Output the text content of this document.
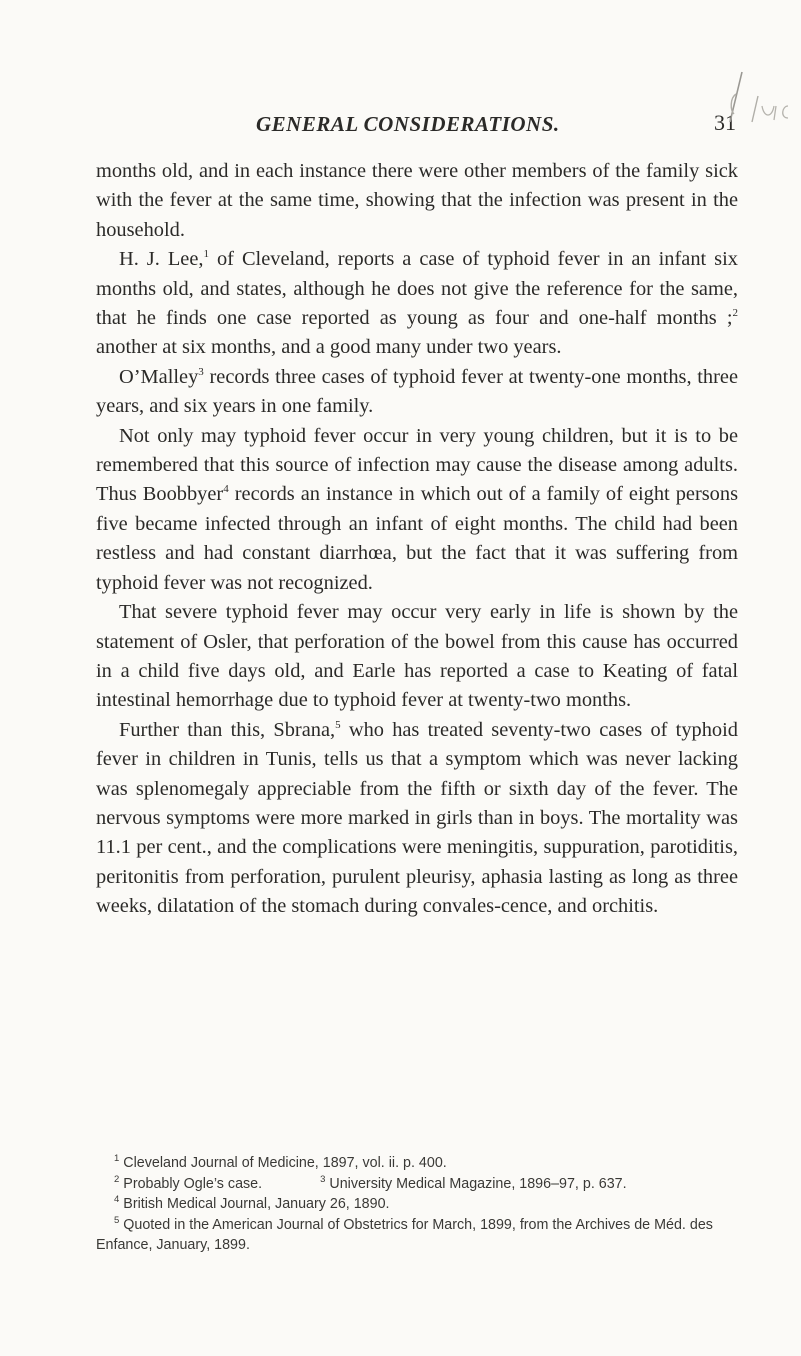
GENERAL CONSIDERATIONS.	31

months old, and in each instance there were other members of the family sick with the fever at the same time, showing that the infection was present in the household.

H. J. Lee,$^1$ of Cleveland, reports a case of typhoid fever in an infant six months old, and states, although he does not give the reference for the same, that he finds one case reported as young as four and one-half months ;$^2$ another at six months, and a good many under two years.

O’Malley$^3$ records three cases of typhoid fever at twenty-one months, three years, and six years in one family.

Not only may typhoid fever occur in very young children, but it is to be remembered that this source of infection may cause the disease among adults. Thus Boobbyer$^4$ records an instance in which out of a family of eight persons five became infected through an infant of eight months. The child had been restless and had constant diarrhœa, but the fact that it was suffering from typhoid fever was not recognized.

That severe typhoid fever may occur very early in life is shown by the statement of Osler, that perforation of the bowel from this cause has occurred in a child five days old, and Earle has reported a case to Keating of fatal intestinal hemorrhage due to typhoid fever at twenty-two months.

Further than this, Sbrana,$^5$ who has treated seventy-two cases of typhoid fever in children in Tunis, tells us that a symptom which was never lacking was splenomegaly appreciable from the fifth or sixth day of the fever. The nervous symptoms were more marked in girls than in boys. The mortality was 11.1 per cent., and the complications were meningitis, suppuration, parotiditis, peritonitis from perforation, purulent pleurisy, aphasia lasting as long as three weeks, dilatation of the stomach during convales-cence, and orchitis.

$^1$ Cleveland Journal of Medicine, 1897, vol. ii. p. 400.
$^2$ Probably Ogle’s case.	$^3$ University Medical Magazine, 1896–97, p. 637.
$^4$ British Medical Journal, January 26, 1890.
$^5$ Quoted in the American Journal of Obstetrics for March, 1899, from the Archives de Méd. des Enfance, January, 1899.
